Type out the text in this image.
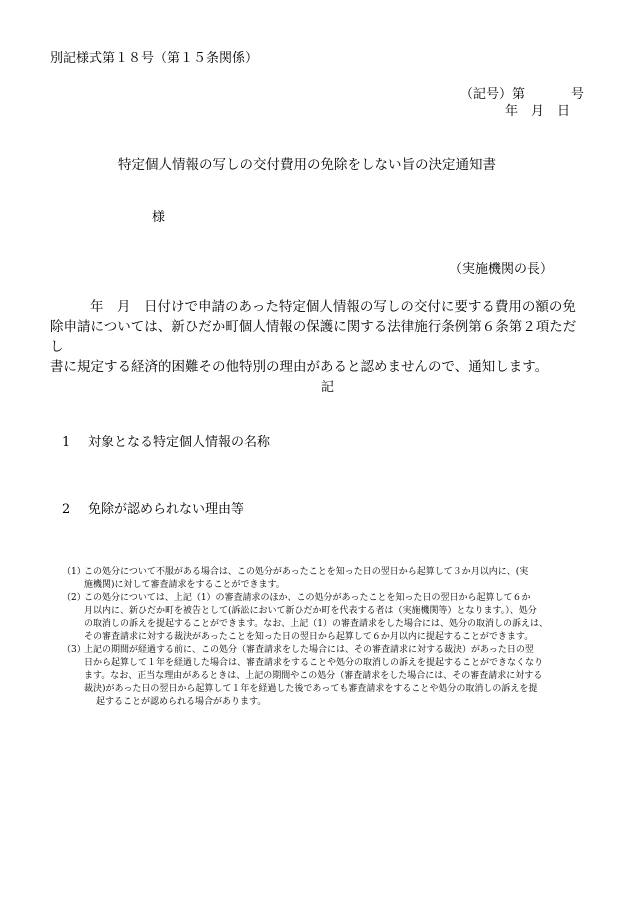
別記様式第１８号（第１５条関係）
（記号）第	号
年 月 日
特定個人情報の写しの交付費用の免除をしない旨の決定通知書
様
（実施機関の長）
年　月　日付けで申請のあった特定個人情報の写しの交付に要する費用の額の免
除申請については、新ひだか町個人情報の保護に関する法律施行条例第６条第２項ただし
書に規定する経済的困難その他特別の理由があると認めませんので、通知します。
記
1 対象となる特定個人情報の名称
2 免除が認められない理由等
（1）
この処分について不服がある場合は、この処分があったことを知った日の翌日から起算して３か月以内に、(実
施機関)に対して審査請求をすることができます。
（2）
この処分については、上記（1）の審査請求のほか、この処分があったことを知った日の翌日から起算して６か
月以内に、新ひだか町を被告として(訴訟において新ひだか町を代表する者は（実施機関等）となります。）、処分
の取消しの訴えを提起することができます。なお、上記（1）の審査請求をした場合には、処分の取消しの訴えは、
その審査請求に対する裁決があったことを知った日の翌日から起算して６か月以内に提起することができます。
（3）
上記の期間が経過する前に、この処分（審査請求をした場合には、その審査請求に対する裁決）があった日の翌
日から起算して１年を経過した場合は、審査請求をすることや処分の取消しの訴えを提起することができなくなり
ます。なお、正当な理由があるときは、上記の期間やこの処分（審査請求をした場合には、その審査請求に対する
裁決)があった日の翌日から起算して１年を経過した後であっても審査請求をすることや処分の取消しの訴えを提
起することが認められる場合があります。
